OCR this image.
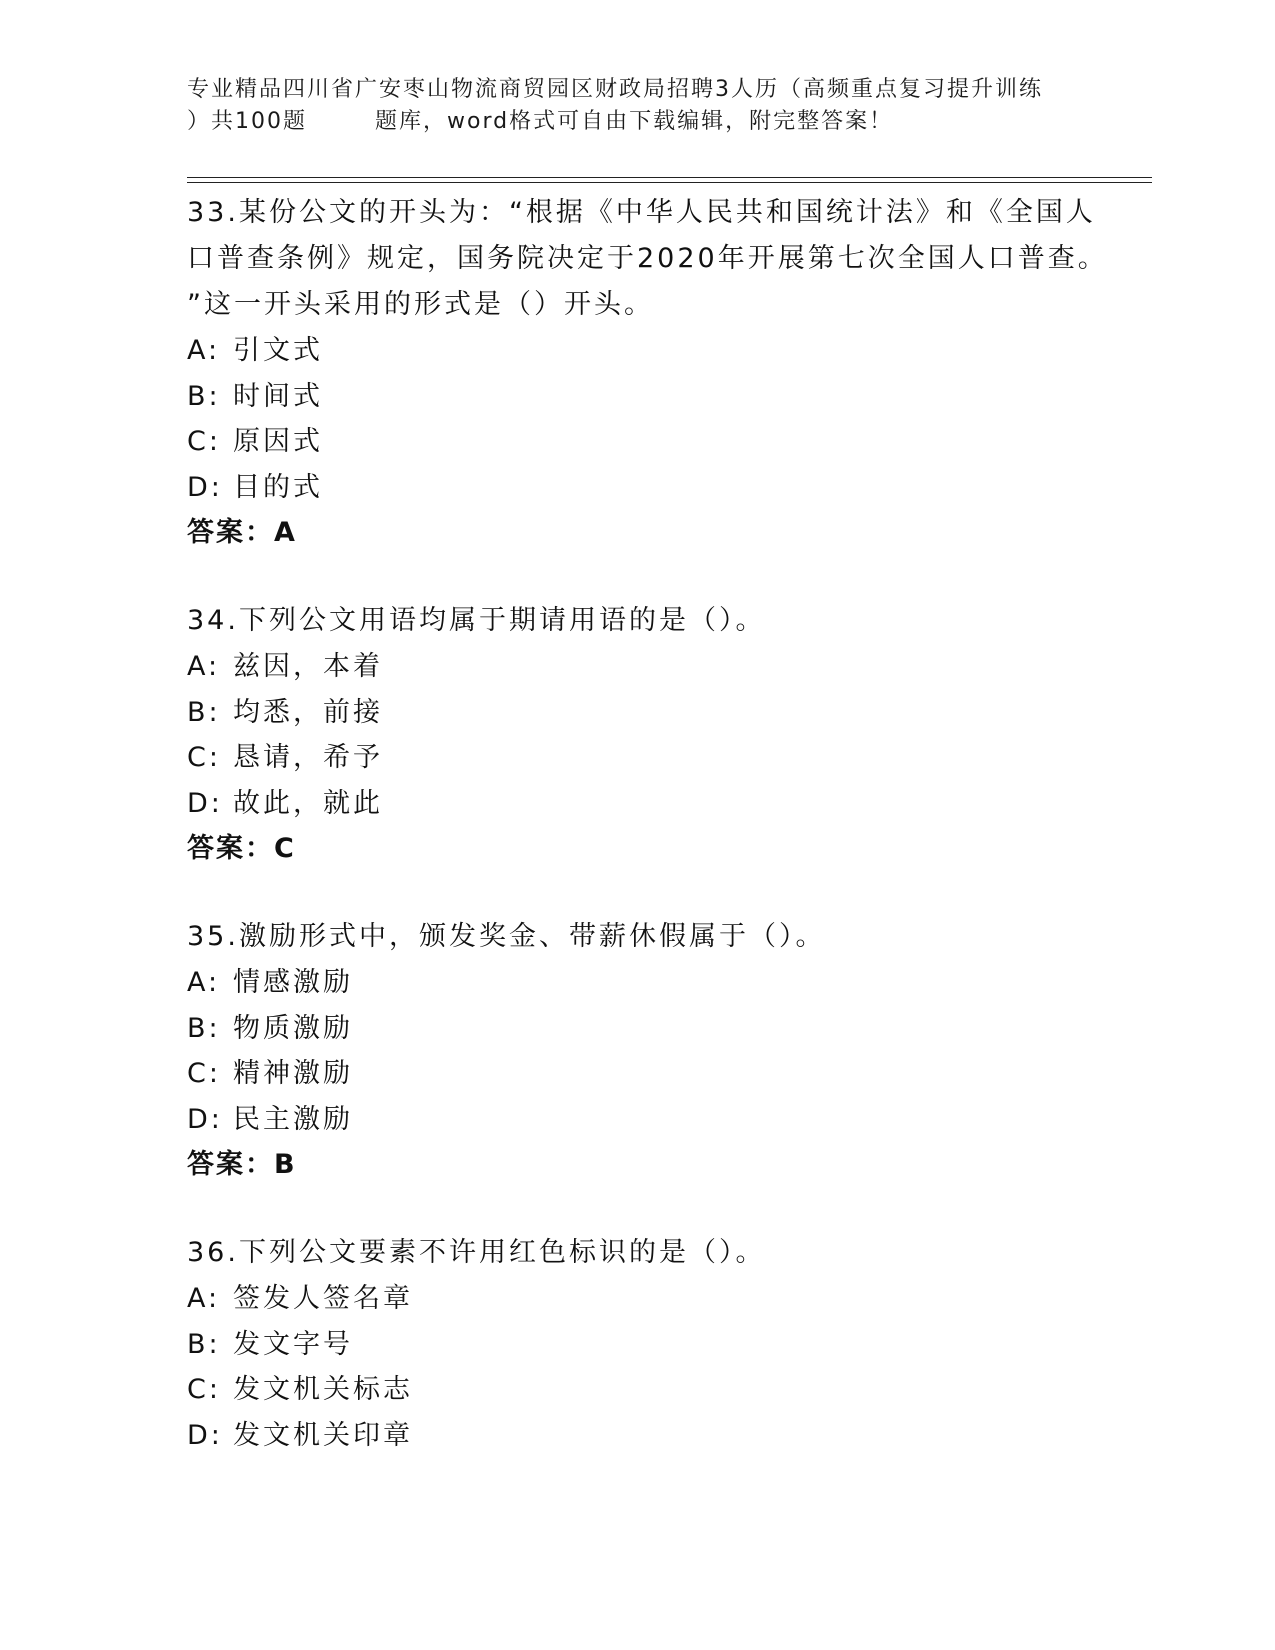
专业精品四川省广安枣山物流商贸园区财政局招聘3人历（高频重点复习提升训练
）共100题	题库，word格式可自由下载编辑，附完整答案！
33.某份公文的开头为：“根据《中华人民共和国统计法》和《全国人
口普查条例》规定，国务院决定于2020年开展第七次全国人口普查。
”这一开头采用的形式是（）开头。
A: 引文式
B: 时间式
C: 原因式
D: 目的式
答案：A
34.下列公文用语均属于期请用语的是（）。
A: 兹因，本着
B: 均悉，前接
C: 恳请，希予
D: 故此，就此
答案：C
35.激励形式中，颁发奖金、带薪休假属于（）。
A: 情感激励
B: 物质激励
C: 精神激励
D: 民主激励
答案：B
36.下列公文要素不许用红色标识的是（）。
A: 签发人签名章
B: 发文字号
C: 发文机关标志
D: 发文机关印章
